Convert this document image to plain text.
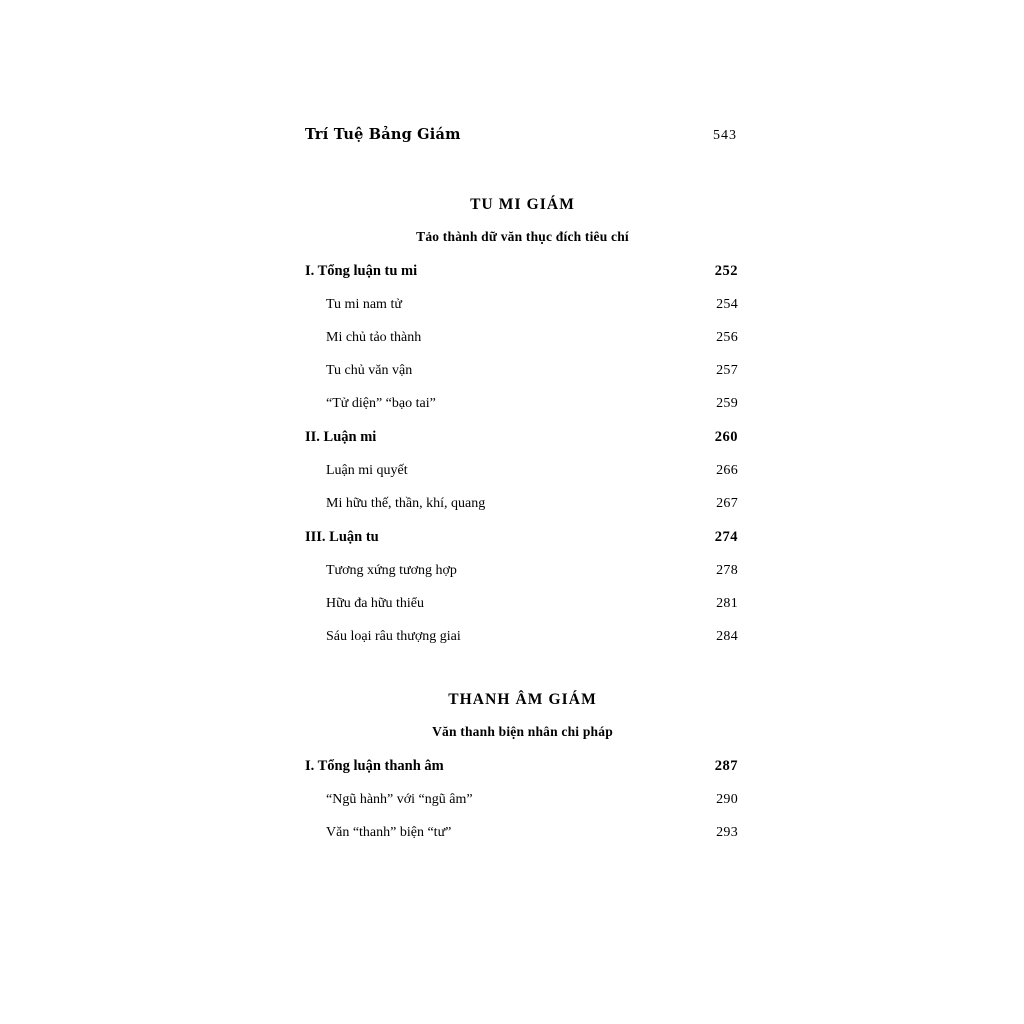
Trí Tuệ Bảng Giám	543
TU MI GIÁM
Tảo thành dữ văn thục đích tiêu chí
I. Tổng luận tu mi	252
Tu mi nam tử	254
Mi chủ tảo thành	256
Tu chủ văn vận	257
“Tử diện” “bạo tai”	259
II. Luận mi	260
Luận mi quyết	266
Mi hữu thế, thần, khí, quang	267
III. Luận tu	274
Tương xứng tương hợp	278
Hữu đa hữu thiểu	281
Sáu loại râu thượng giai	284
THANH ÂM GIÁM
Văn thanh biện nhân chi pháp
I. Tổng luận thanh âm	287
“Ngũ hành” với “ngũ âm”	290
Văn “thanh” biện “tư”	293
